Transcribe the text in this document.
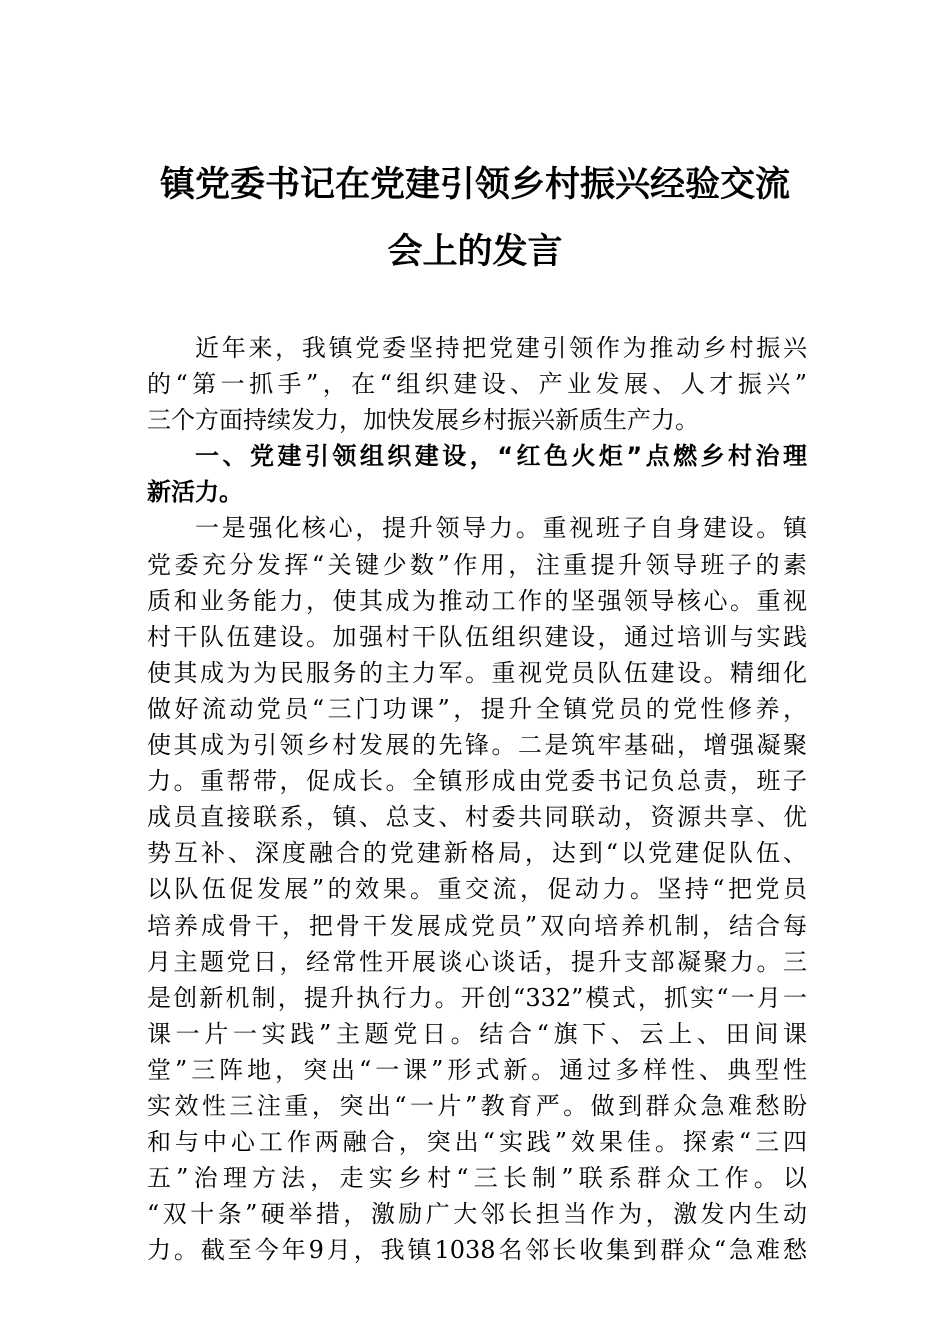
镇党委书记在党建引领乡村振兴经验交流
会上的发言
近年来，我镇党委坚持把党建引领作为推动乡村振兴
的“第一抓手”，在“组织建设、产业发展、人才振兴”
三个方面持续发力，加快发展乡村振兴新质生产力。
一、党建引领组织建设，“红色火炬”点燃乡村治理
新活力。
一是强化核心，提升领导力。重视班子自身建设。镇
党委充分发挥“关键少数”作用，注重提升领导班子的素
质和业务能力，使其成为推动工作的坚强领导核心。重视
村干队伍建设。加强村干队伍组织建设，通过培训与实践
使其成为为民服务的主力军。重视党员队伍建设。精细化
做好流动党员“三门功课”，提升全镇党员的党性修养，
使其成为引领乡村发展的先锋。二是筑牢基础，增强凝聚
力。重帮带，促成长。全镇形成由党委书记负总责，班子
成员直接联系，镇、总支、村委共同联动，资源共享、优
势互补、深度融合的党建新格局，达到“以党建促队伍、
以队伍促发展”的效果。重交流，促动力。坚持“把党员
培养成骨干，把骨干发展成党员”双向培养机制，结合每
月主题党日，经常性开展谈心谈话，提升支部凝聚力。三
是创新机制，提升执行力。开创“332”模式，抓实“一月一
课一片一实践”主题党日。结合“旗下、云上、田间课
堂”三阵地，突出“一课”形式新。通过多样性、典型性
实效性三注重，突出“一片”教育严。做到群众急难愁盼
和与中心工作两融合，突出“实践”效果佳。探索“三四
五”治理方法，走实乡村“三长制”联系群众工作。以
“双十条”硬举措，激励广大邻长担当作为，激发内生动
力。截至今年9月，我镇1038名邻长收集到群众“急难愁
